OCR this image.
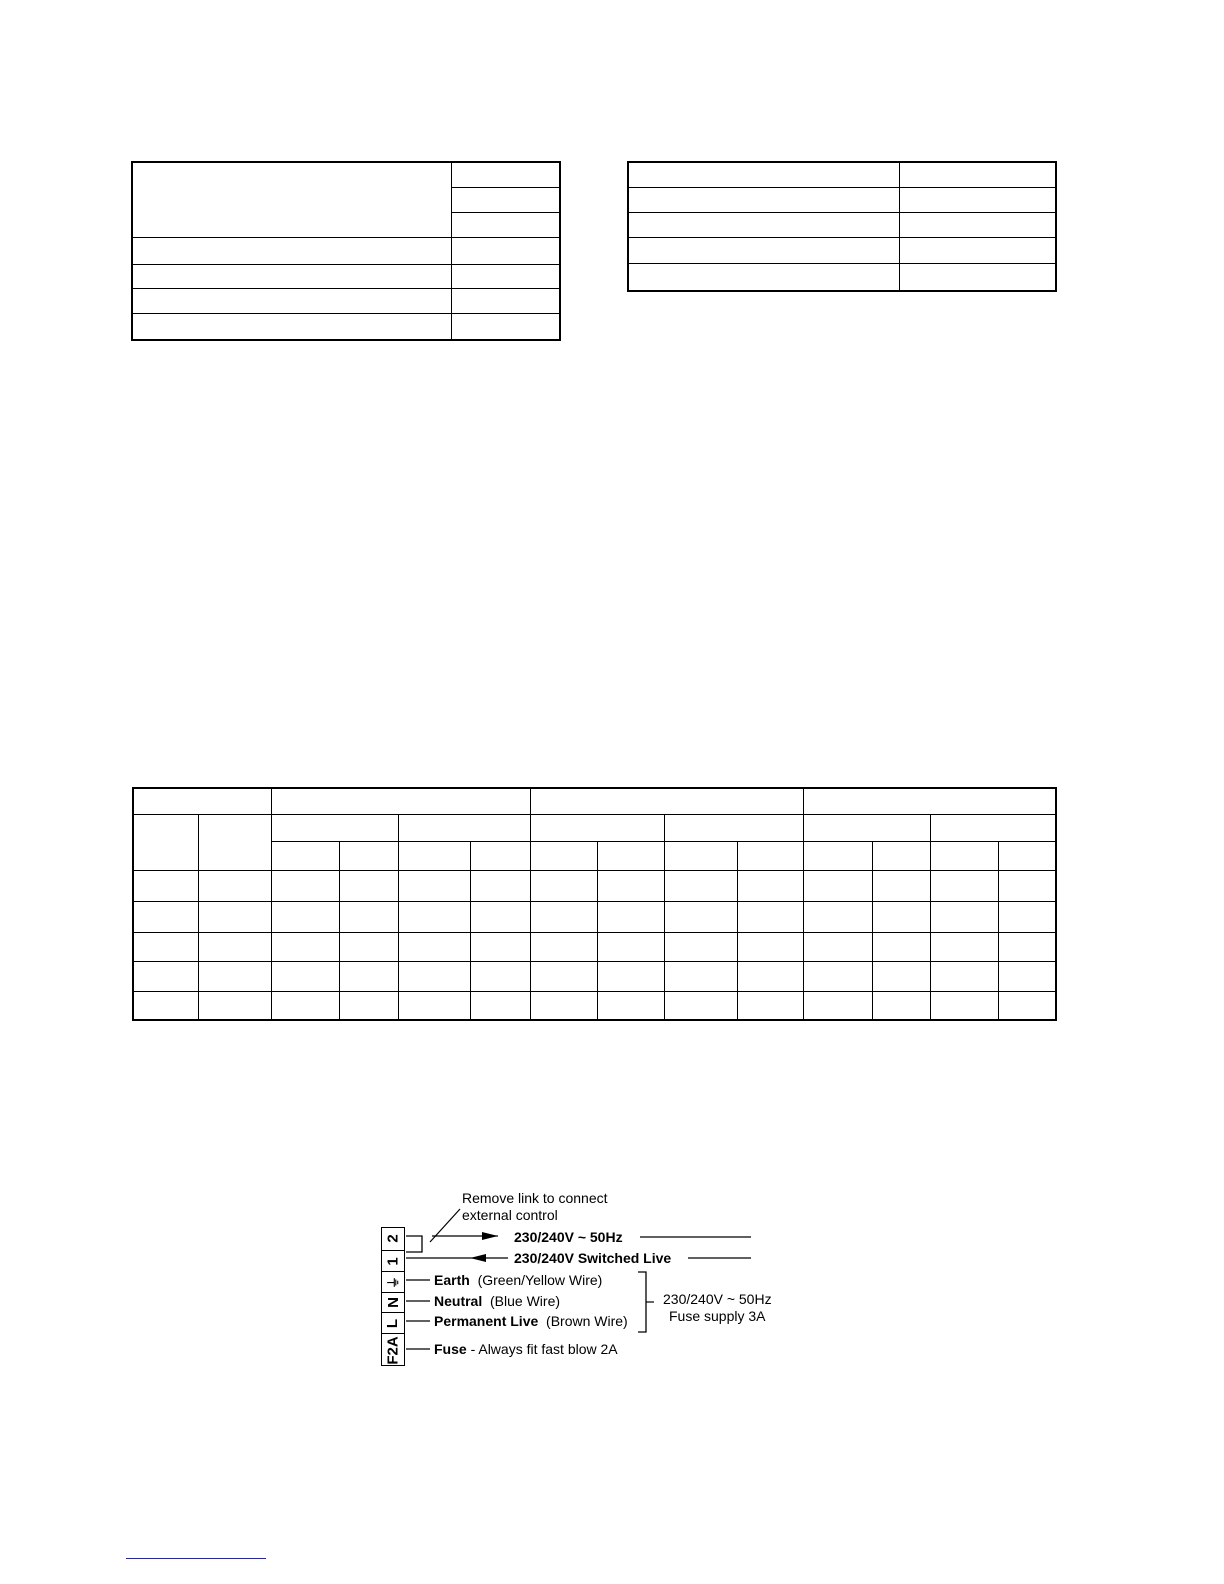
Remove link to connect
external control
2
1
⏚
N
L
F2A
230/240V ~ 50Hz
230/240V Switched Live
Earth (Green/Yellow Wire)
Neutral (Blue Wire)
Permanent Live (Brown Wire)
Fuse - Always fit fast blow 2A
230/240V ~ 50Hz
Fuse supply 3A
